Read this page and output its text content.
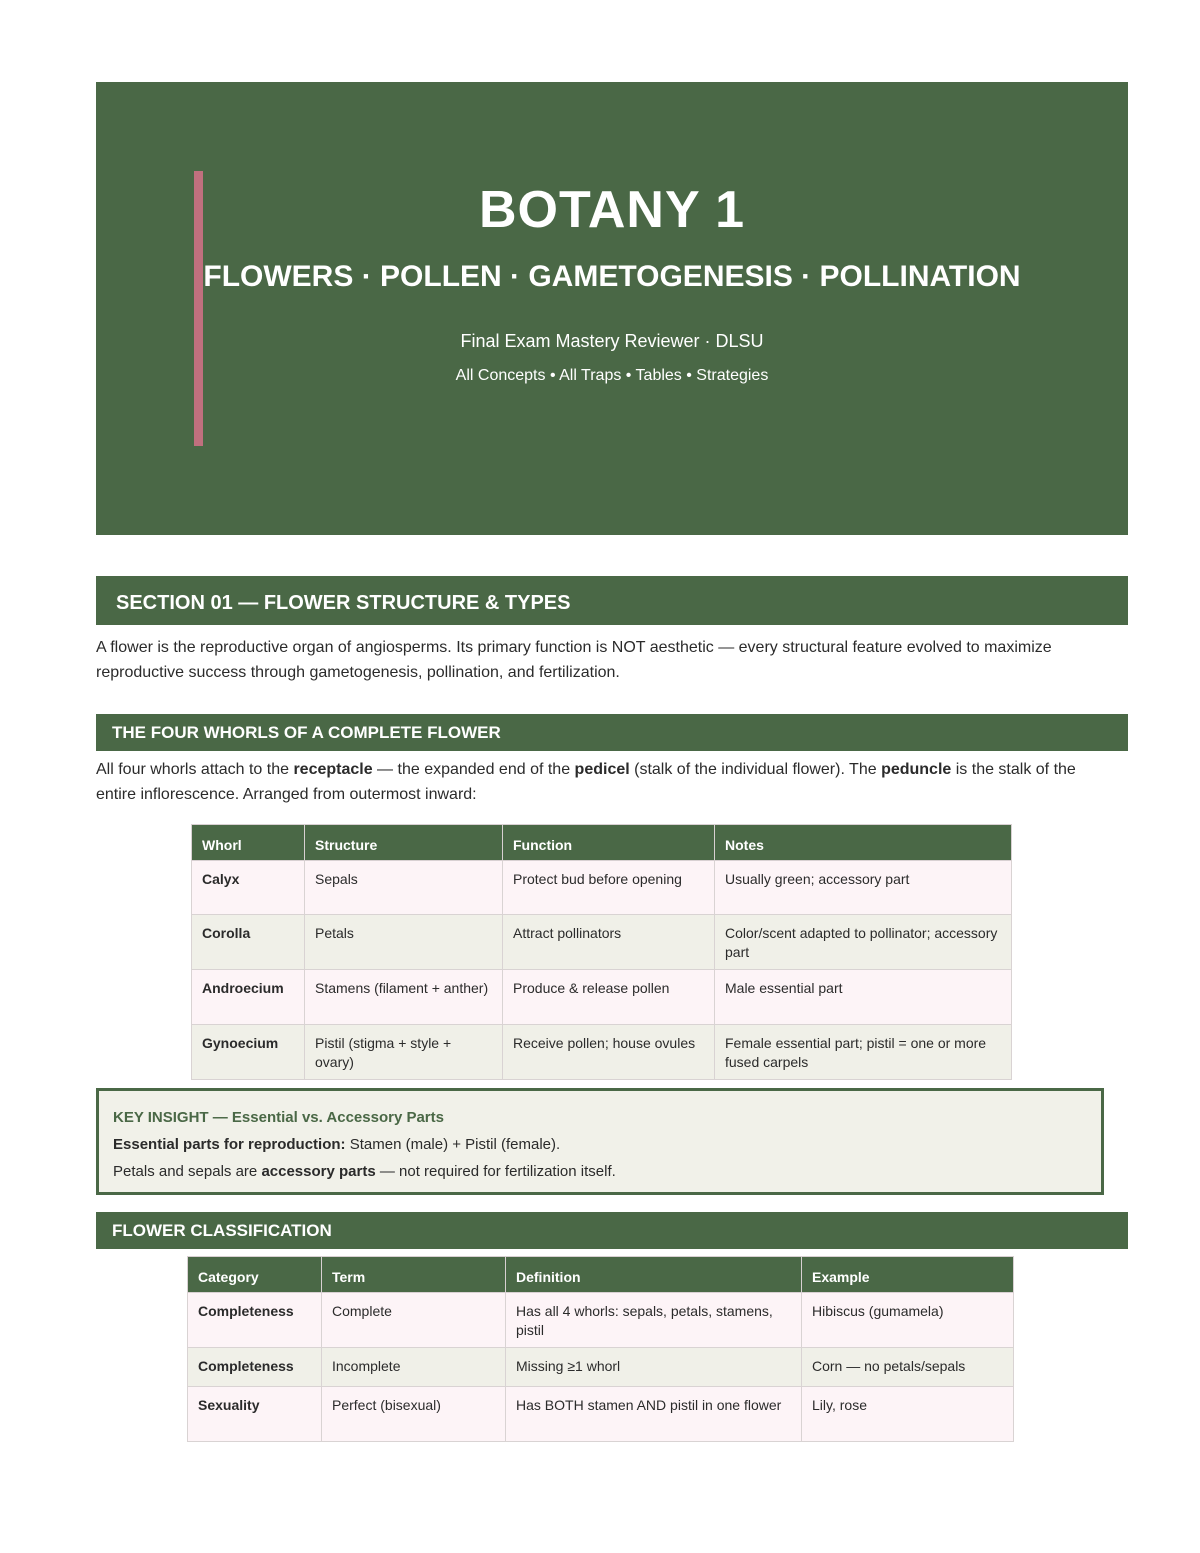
BOTANY 1
FLOWERS · POLLEN · GAMETOGENESIS · POLLINATION
Final Exam Mastery Reviewer · DLSU
All Concepts • All Traps • Tables • Strategies
SECTION 01 — FLOWER STRUCTURE & TYPES
A flower is the reproductive organ of angiosperms. Its primary function is NOT aesthetic — every structural feature evolved to maximize reproductive success through gametogenesis, pollination, and fertilization.
THE FOUR WHORLS OF A COMPLETE FLOWER
All four whorls attach to the receptacle — the expanded end of the pedicel (stalk of the individual flower). The peduncle is the stalk of the entire inflorescence. Arranged from outermost inward:
Whorl	Structure	Function	Notes
Calyx	Sepals	Protect bud before opening	Usually green; accessory part
Corolla	Petals	Attract pollinators	Color/scent adapted to pollinator; accessory part
Androecium	Stamens (filament + anther)	Produce & release pollen	Male essential part
Gynoecium	Pistil (stigma + style + ovary)	Receive pollen; house ovules	Female essential part; pistil = one or more fused carpels
KEY INSIGHT — Essential vs. Accessory Parts
Essential parts for reproduction: Stamen (male) + Pistil (female).
Petals and sepals are accessory parts — not required for fertilization itself.
FLOWER CLASSIFICATION
Category	Term	Definition	Example
Completeness	Complete	Has all 4 whorls: sepals, petals, stamens, pistil	Hibiscus (gumamela)
Completeness	Incomplete	Missing ≥1 whorl	Corn — no petals/sepals
Sexuality	Perfect (bisexual)	Has BOTH stamen AND pistil in one flower	Lily, rose
